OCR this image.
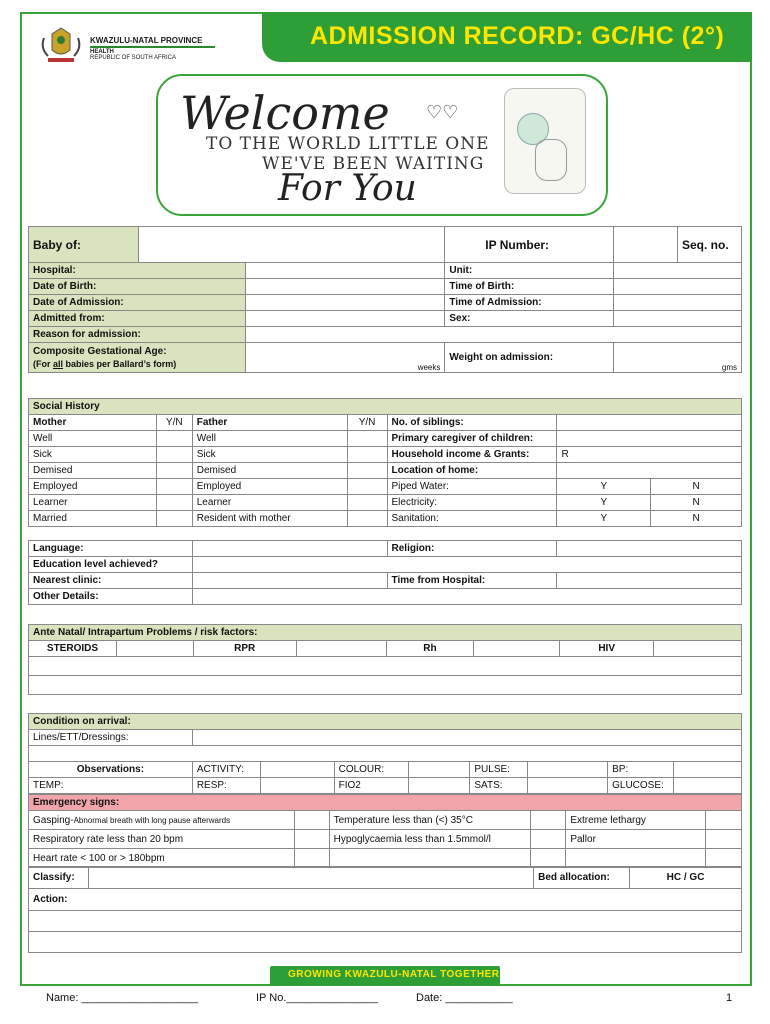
KWAZULU-NATAL PROVINCE
HEALTH
REPUBLIC OF SOUTH AFRICA
ADMISSION RECORD: GC/HC (2°)
Welcome ♡♡
TO THE WORLD LITTLE ONE
WE'VE BEEN WAITING
For You
Baby of:		IP Number:		Seq. no.
Hospital:		Unit:	
Date of Birth:		Time of Birth:	
Date of Admission:		Time of Admission:	
Admitted from:		Sex:	
Reason for admission:			
Composite Gestational Age:
(For all babies per Ballard’s form)	weeks	Weight on admission:	gms
Social History						
Mother	Y/N	Father	Y/N	No. of siblings:		
Well		Well		Primary caregiver of children:		
Sick		Sick		Household income & Grants:	R	
Demised		Demised		Location of home:		
Employed		Employed		Piped Water:	Y	N
Learner		Learner		Electricity:	Y	N
Married		Resident with mother		Sanitation:	Y	N
Language:		Religion:	
Education level achieved?			
Nearest clinic:		Time from Hospital:	
Other Details:			
Ante Natal/ Intrapartum Problems / risk factors:
STEROIDS		RPR		Rh		HIV	

Condition on arrival:								
Lines/ETT/Dressings:								

Observations:	ACTIVITY:		COLOUR:		PULSE:		BP:	
TEMP:	RESP:		FIO2		SATS:		GLUCOSE:	
Emergency signs:					
Gasping-Abnormal breath with long pause afterwards		Temperature less than (<) 35°C		Extreme lethargy	
Respiratory rate less than 20 bpm		Hypoglycaemia less than 1.5mmol/l		Pallor	
Heart rate < 100 or > 180bpm					
Classify:		Bed allocation:	HC / GC
Action:

GROWING KWAZULU-NATAL TOGETHER
Name: ___________________	IP No._______________	Date: ___________	1
